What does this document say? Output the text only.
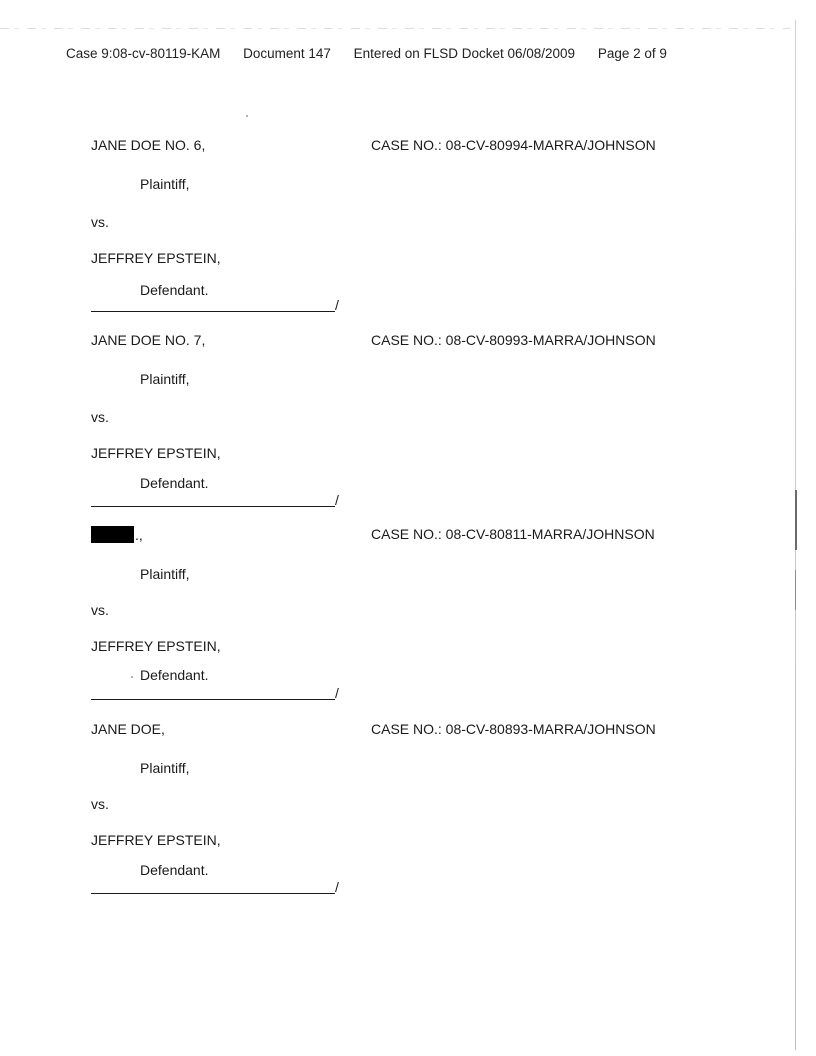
Case 9:08-cv-80119-KAM Document 147 Entered on FLSD Docket 06/08/2009 Page 2 of 9
JANE DOE NO. 6,	CASE NO.: 08-CV-80994-MARRA/JOHNSON
Plaintiff,
vs.
JEFFREY EPSTEIN,
Defendant.
/
JANE DOE NO. 7,	CASE NO.: 08-CV-80993-MARRA/JOHNSON
Plaintiff,
vs.
JEFFREY EPSTEIN,
Defendant.
/
.,	CASE NO.: 08-CV-80811-MARRA/JOHNSON
Plaintiff,
vs.
JEFFREY EPSTEIN,
Defendant.
/
JANE DOE,	CASE NO.: 08-CV-80893-MARRA/JOHNSON
Plaintiff,
vs.
JEFFREY EPSTEIN,
Defendant.
/
